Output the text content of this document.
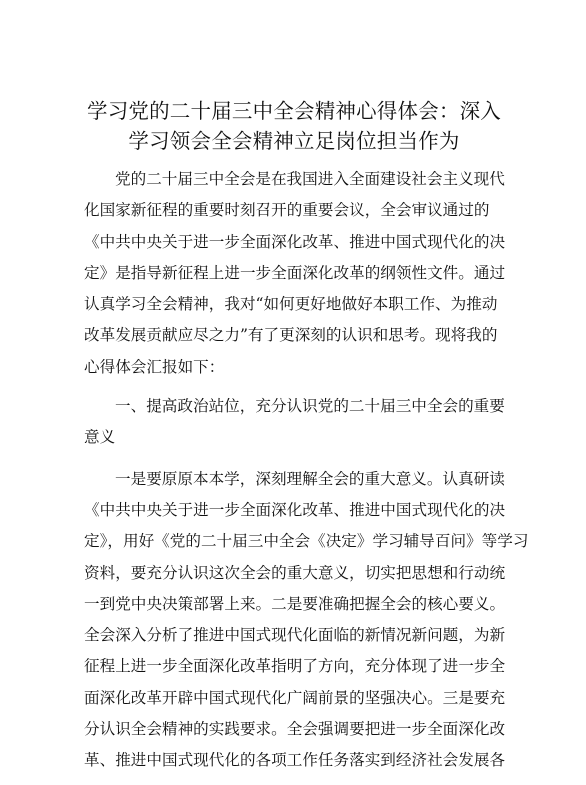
学习党的二十届三中全会精神心得体会：深入
学习领会全会精神立足岗位担当作为
党的二十届三中全会是在我国进入全面建设社会主义现代
化国家新征程的重要时刻召开的重要会议，全会审议通过的
《中共中央关于进一步全面深化改革、推进中国式现代化的决
定》是指导新征程上进一步全面深化改革的纲领性文件。通过
认真学习全会精神，我对“如何更好地做好本职工作、为推动
改革发展贡献应尽之力”有了更深刻的认识和思考。现将我的
心得体会汇报如下：
一、提高政治站位，充分认识党的二十届三中全会的重要
意义
一是要原原本本学，深刻理解全会的重大意义。认真研读
《中共中央关于进一步全面深化改革、推进中国式现代化的决
定》，用好《党的二十届三中全会《决定》学习辅导百问》等学习
资料，要充分认识这次全会的重大意义，切实把思想和行动统
一到党中央决策部署上来。二是要准确把握全会的核心要义。
全会深入分析了推进中国式现代化面临的新情况新问题，为新
征程上进一步全面深化改革指明了方向，充分体现了进一步全
面深化改革开辟中国式现代化广阔前景的坚强决心。三是要充
分认识全会精神的实践要求。全会强调要把进一步全面深化改
革、推进中国式现代化的各项工作任务落实到经济社会发展各
